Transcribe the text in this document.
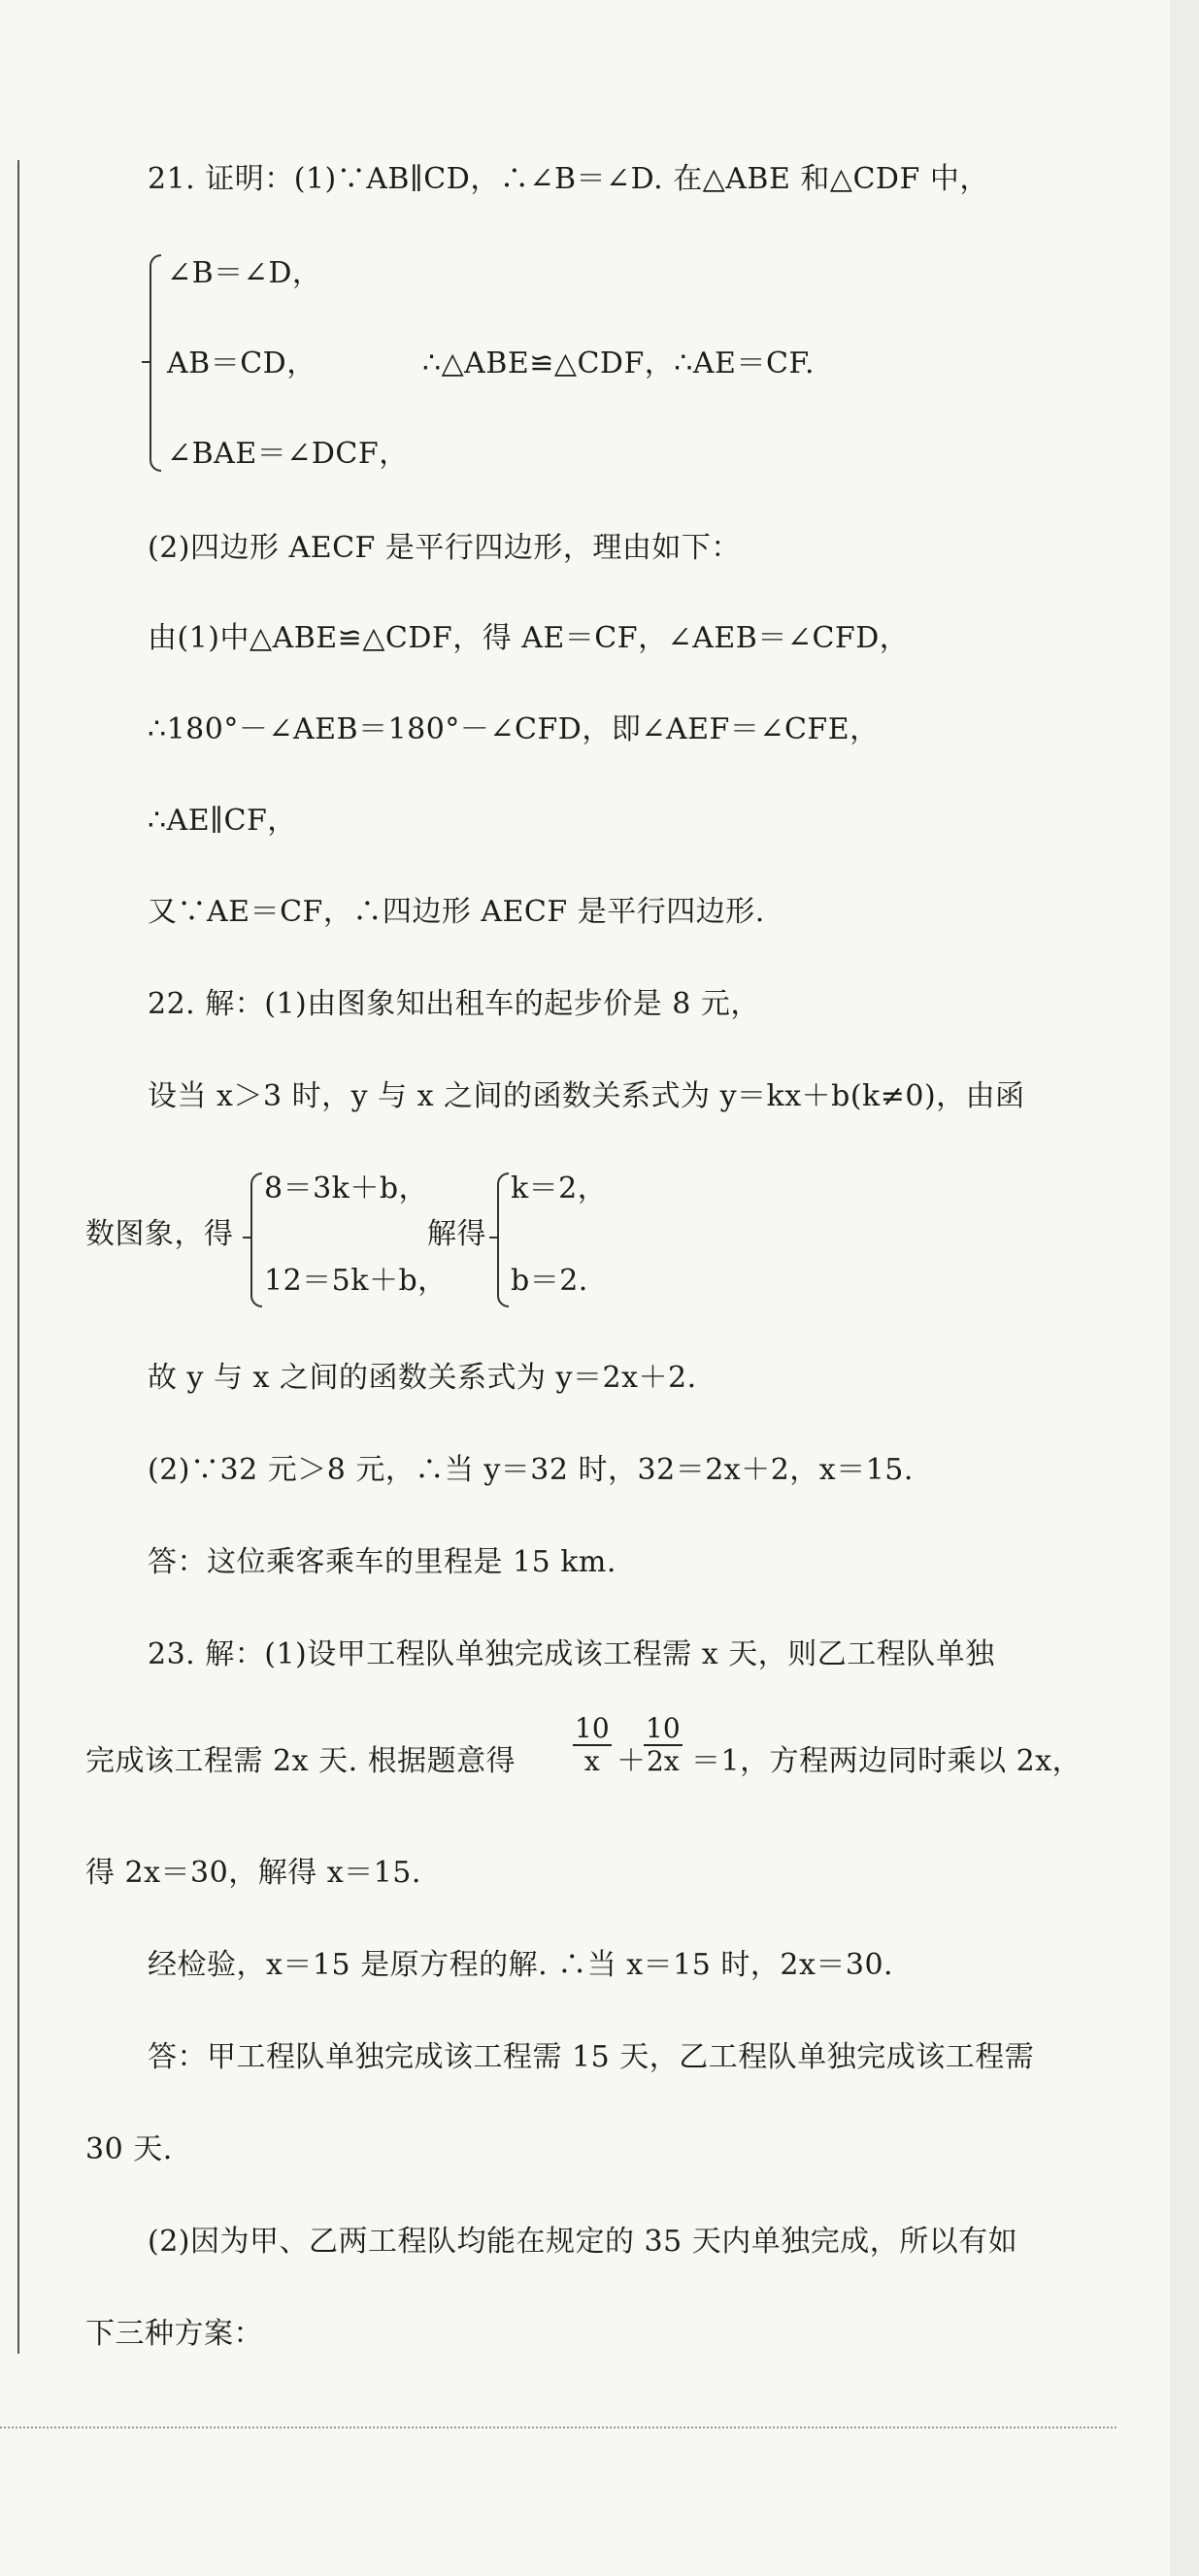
21. 证明：(1)∵AB∥CD，∴∠B＝∠D. 在△ABE 和△CDF 中，
∠B＝∠D，
AB＝CD，	∴△ABE≌△CDF，∴AE＝CF.
∠BAE＝∠DCF，
(2)四边形 AECF 是平行四边形，理由如下：
由(1)中△ABE≌△CDF，得 AE＝CF，∠AEB＝∠CFD，
∴180°－∠AEB＝180°－∠CFD，即∠AEF＝∠CFE，
∴AE∥CF，
又∵AE＝CF，∴四边形 AECF 是平行四边形.
22. 解：(1)由图象知出租车的起步价是 8 元，
设当 x＞3 时，y 与 x 之间的函数关系式为 y＝kx＋b(k≠0)，由函
8＝3k＋b，
12＝5k＋b，
数图象，得	解得
k＝2，
b＝2.
故 y 与 x 之间的函数关系式为 y＝2x＋2.
(2)∵32 元＞8 元，∴当 y＝32 时，32＝2x＋2，x＝15.
答：这位乘客乘车的里程是 15 km.
23. 解：(1)设甲工程队单独完成该工程需 x 天，则乙工程队单独
完成该工程需 2x 天. 根据题意得 $\frac{10}{x}$ ＋
$\frac{10}{2x} =1$，方程两边同时乘以 2x，
得 2x＝30，解得 x＝15.
经检验，x＝15 是原方程的解. ∴当 x＝15 时，2x＝30.
答：甲工程队单独完成该工程需 15 天，乙工程队单独完成该工程需
30 天.
(2)因为甲、乙两工程队均能在规定的 35 天内单独完成，所以有如
下三种方案：
